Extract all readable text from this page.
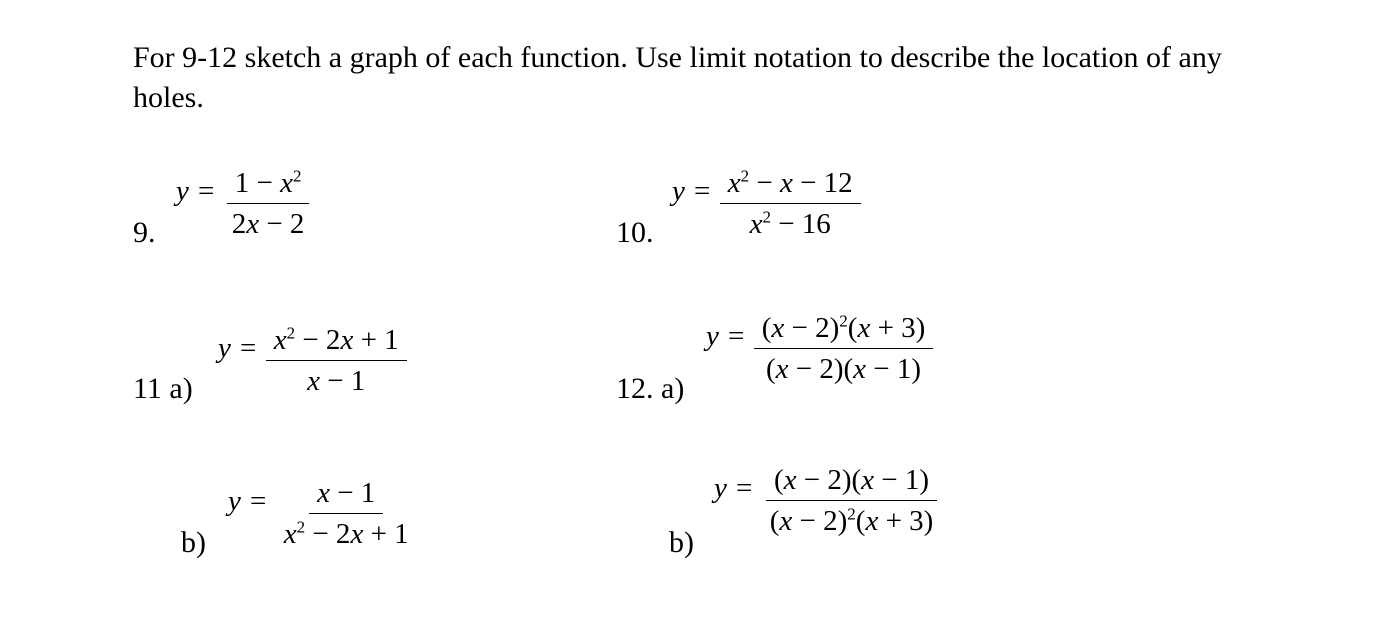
For 9-12 sketch a graph of each function. Use limit notation to describe the location of any holes.
9.
$y = \frac{1 - x^2}{2x - 2}$	10.
$y = \frac{x^2 - x - 12}{x^2 - 16}$
11 a)
$y = \frac{x^2 - 2x + 1}{x - 1}$	12. a)
$y = \frac{(x - 2)^2(x + 3)}{(x - 2)(x - 1)}$
b)
$y = \frac{x - 1}{x^2 - 2x + 1}$	b)
$y = \frac{(x - 2)(x - 1)}{(x - 2)^2(x + 3)}$
